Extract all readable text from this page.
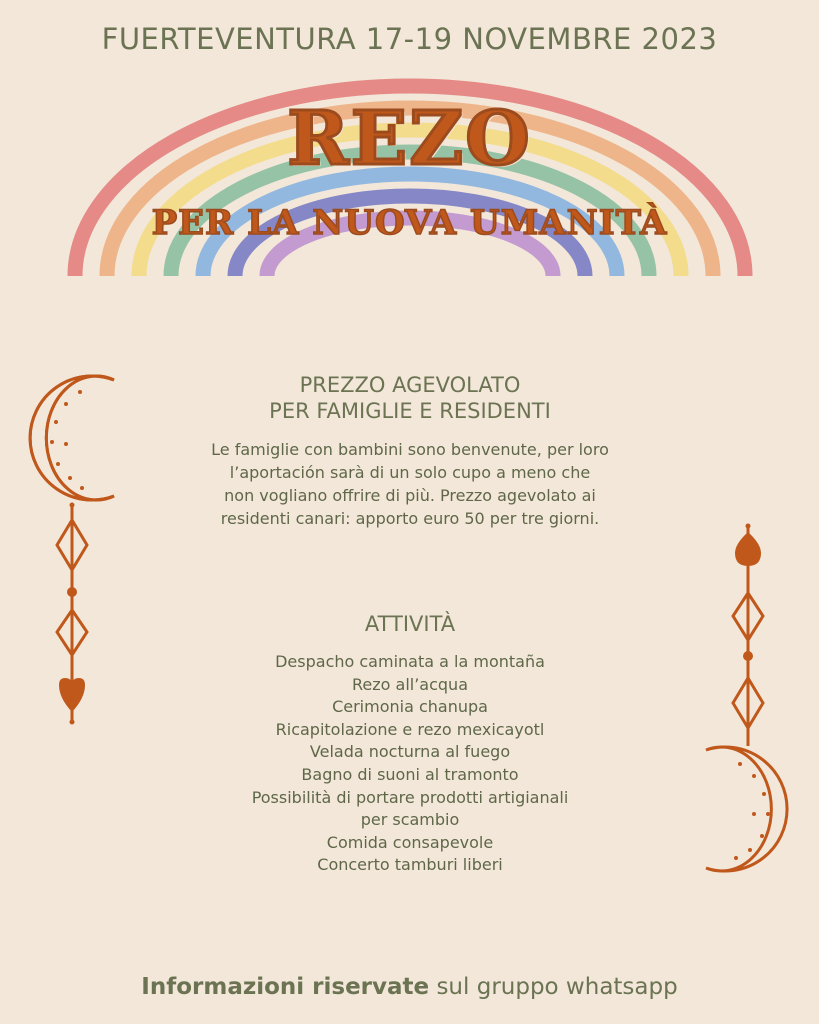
FUERTEVENTURA 17-19 NOVEMBRE 2023
REZO
PER LA NUOVA UMANITÀ
PREZZO AGEVOLATO
PER FAMIGLIE E RESIDENTI
Le famiglie con bambini sono benvenute, per loro
l’aportación sarà di un solo cupo a meno che
non vogliano offrire di più. Prezzo agevolato ai
residenti canari: apporto euro 50 per tre giorni.
ATTIVITÀ
Despacho caminata a la montaña
Rezo all’acqua
Cerimonia chanupa
Ricapitolazione e rezo mexicayotl
Velada nocturna al fuego
Bagno di suoni al tramonto
Possibilità di portare prodotti artigianali
per scambio
Comida consapevole
Concerto tamburi liberi
Informazioni riservate sul gruppo whatsapp
